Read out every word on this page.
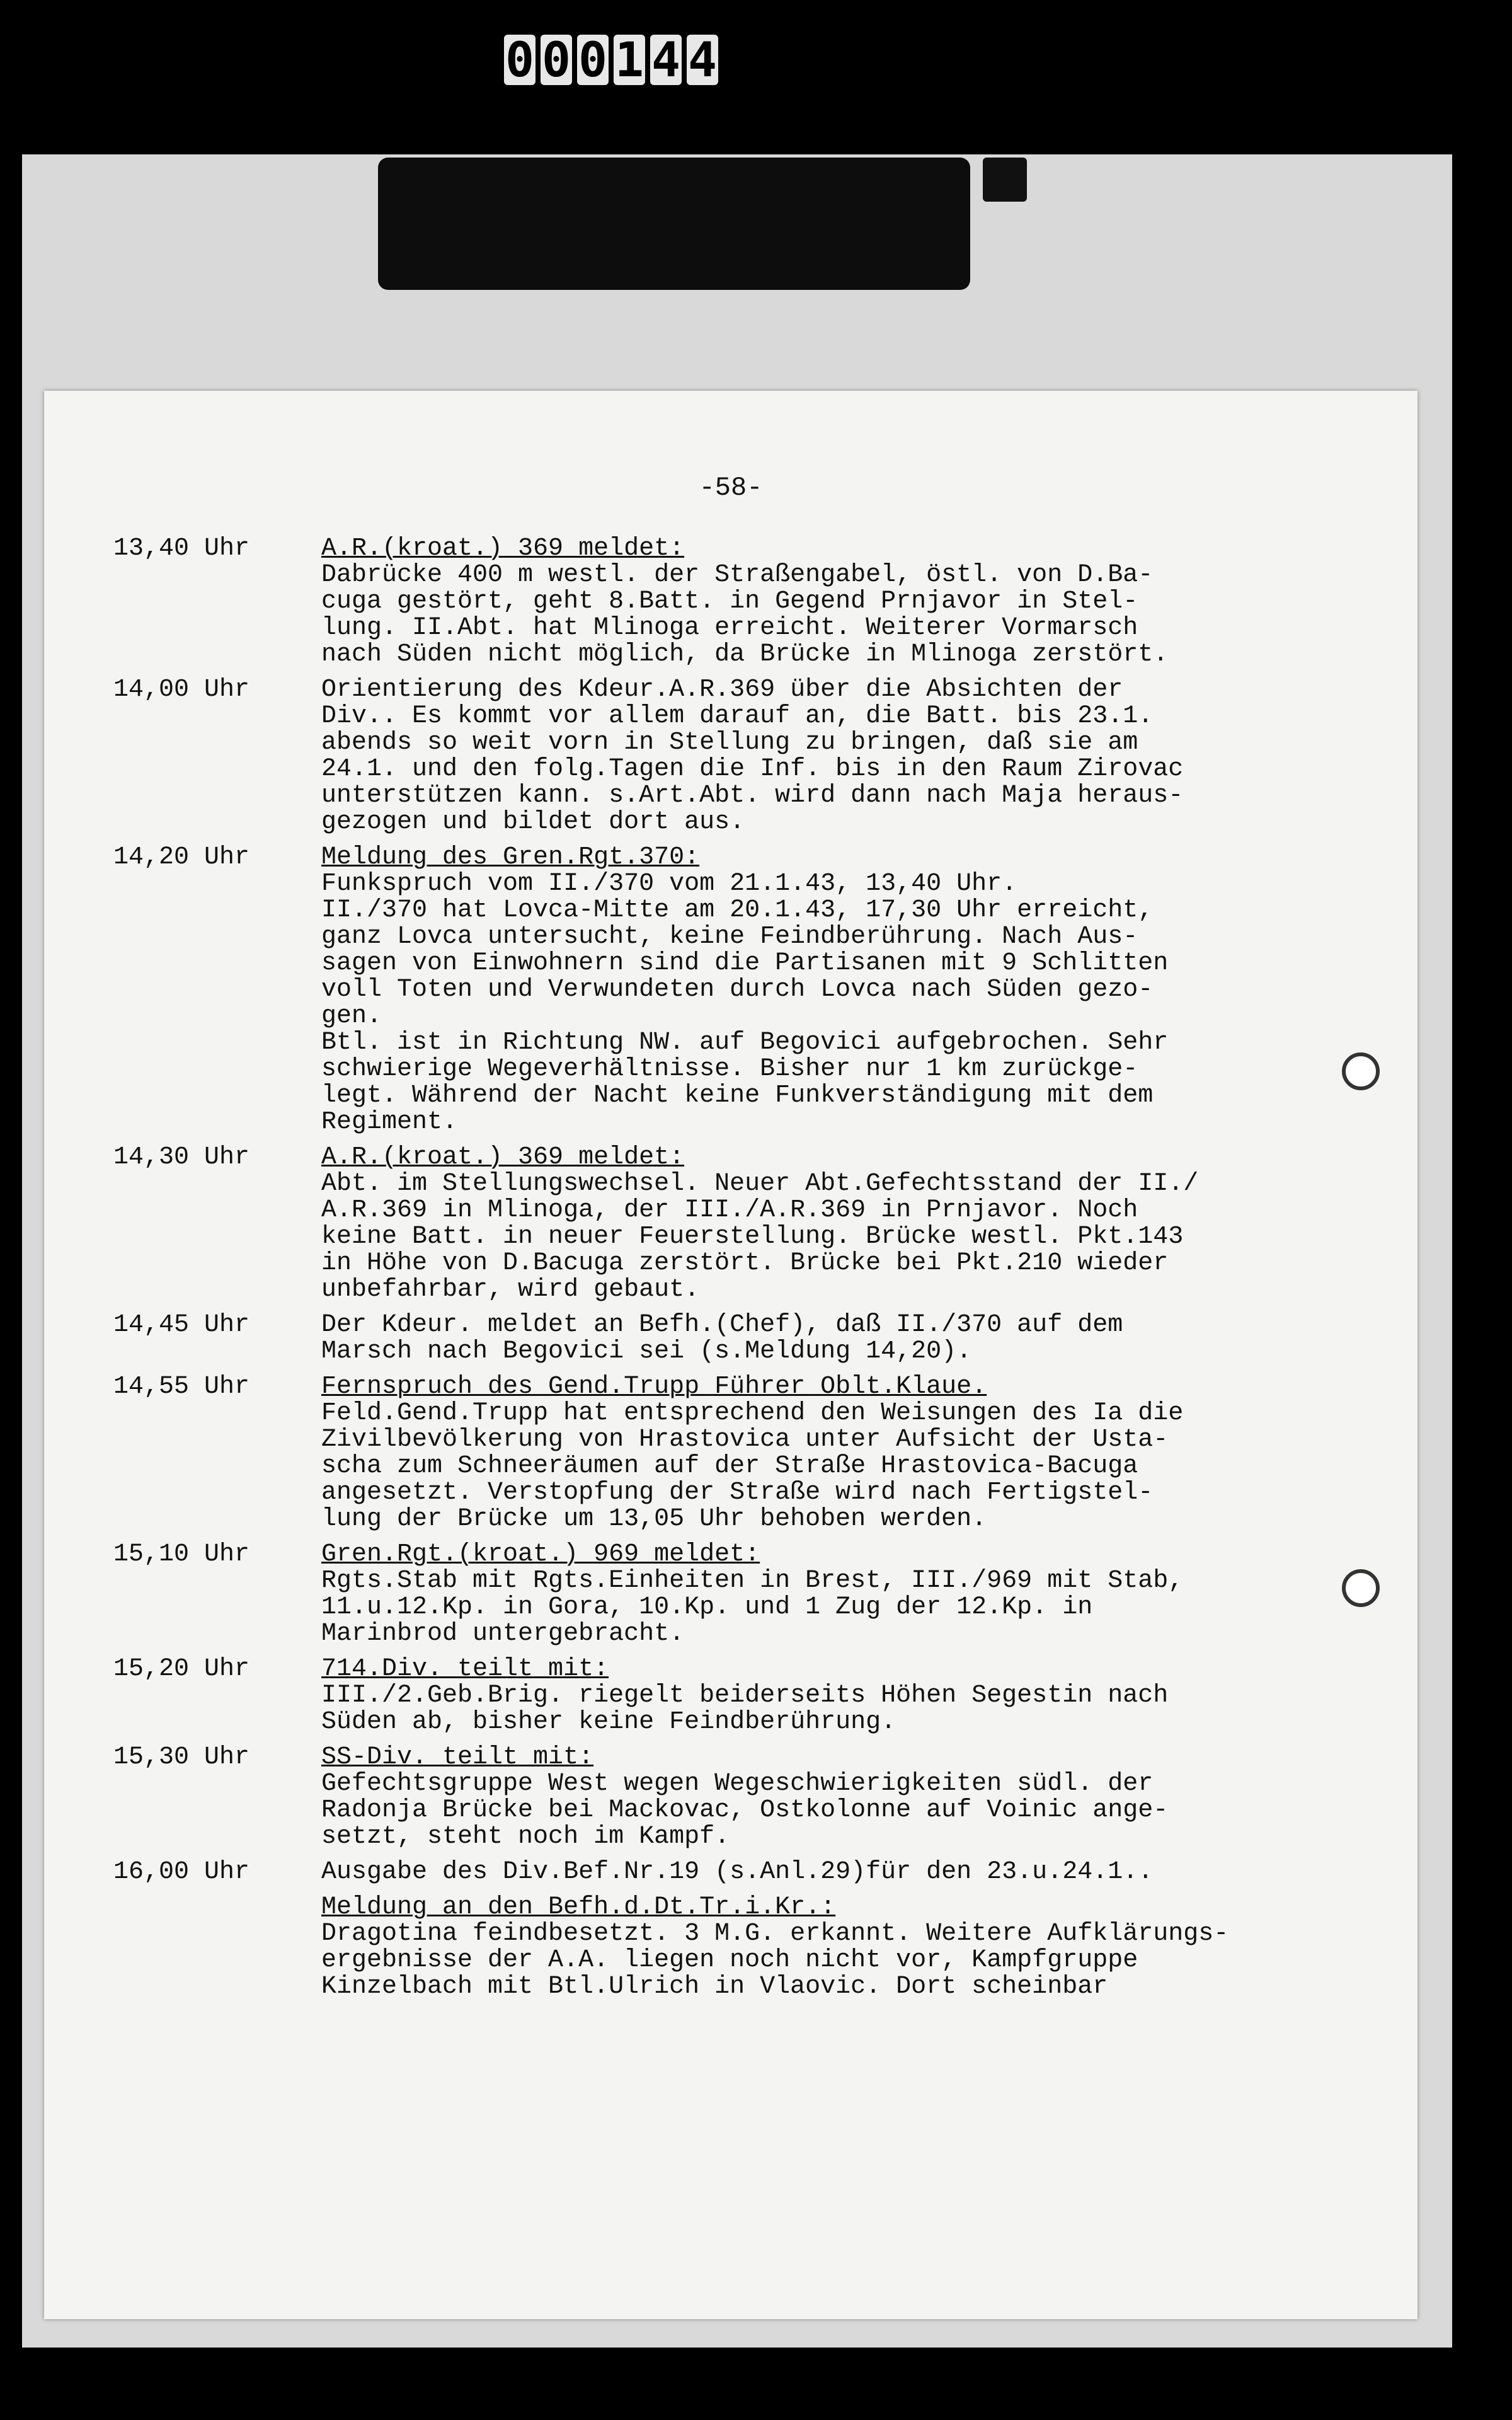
0 0 0 1 4 4
-58-
13,40 Uhr	A.R.(kroat.) 369 meldet:
Dabrücke 400 m westl. der Straßengabel, östl. von D.Ba-
cuga gestört, geht 8.Batt. in Gegend Prnjavor in Stel-
lung. II.Abt. hat Mlinoga erreicht. Weiterer Vormarsch
nach Süden nicht möglich, da Brücke in Mlinoga zerstört.
14,00 Uhr	Orientierung des Kdeur.A.R.369 über die Absichten der
Div.. Es kommt vor allem darauf an, die Batt. bis 23.1.
abends so weit vorn in Stellung zu bringen, daß sie am
24.1. und den folg.Tagen die Inf. bis in den Raum Zirovac
unterstützen kann. s.Art.Abt. wird dann nach Maja heraus-
gezogen und bildet dort aus.
14,20 Uhr	Meldung des Gren.Rgt.370:
Funkspruch vom II./370 vom 21.1.43, 13,40 Uhr.
II./370 hat Lovca-Mitte am 20.1.43, 17,30 Uhr erreicht,
ganz Lovca untersucht, keine Feindberührung. Nach Aus-
sagen von Einwohnern sind die Partisanen mit 9 Schlitten
voll Toten und Verwundeten durch Lovca nach Süden gezo-
gen.
Btl. ist in Richtung NW. auf Begovici aufgebrochen. Sehr
schwierige Wegeverhältnisse. Bisher nur 1 km zurückge-
legt. Während der Nacht keine Funkverständigung mit dem
Regiment.
14,30 Uhr	A.R.(kroat.) 369 meldet:
Abt. im Stellungswechsel. Neuer Abt.Gefechtsstand der II./
A.R.369 in Mlinoga, der III./A.R.369 in Prnjavor. Noch
keine Batt. in neuer Feuerstellung. Brücke westl. Pkt.143
in Höhe von D.Bacuga zerstört. Brücke bei Pkt.210 wieder
unbefahrbar, wird gebaut.
14,45 Uhr	Der Kdeur. meldet an Befh.(Chef), daß II./370 auf dem
Marsch nach Begovici sei (s.Meldung 14,20).
14,55 Uhr	Fernspruch des Gend.Trupp Führer Oblt.Klaue.
Feld.Gend.Trupp hat entsprechend den Weisungen des Ia die
Zivilbevölkerung von Hrastovica unter Aufsicht der Usta-
scha zum Schneeräumen auf der Straße Hrastovica-Bacuga
angesetzt. Verstopfung der Straße wird nach Fertigstel-
lung der Brücke um 13,05 Uhr behoben werden.
15,10 Uhr	Gren.Rgt.(kroat.) 969 meldet:
Rgts.Stab mit Rgts.Einheiten in Brest, III./969 mit Stab,
11.u.12.Kp. in Gora, 10.Kp. und 1 Zug der 12.Kp. in
Marinbrod untergebracht.
15,20 Uhr	714.Div. teilt mit:
III./2.Geb.Brig. riegelt beiderseits Höhen Segestin nach
Süden ab, bisher keine Feindberührung.
15,30 Uhr	SS-Div. teilt mit:
Gefechtsgruppe West wegen Wegeschwierigkeiten südl. der
Radonja Brücke bei Mackovac, Ostkolonne auf Voinic ange-
setzt, steht noch im Kampf.
16,00 Uhr	Ausgabe des Div.Bef.Nr.19 (s.Anl.29)für den 23.u.24.1..
Meldung an den Befh.d.Dt.Tr.i.Kr.:
Dragotina feindbesetzt. 3 M.G. erkannt. Weitere Aufklärungs-
ergebnisse der A.A. liegen noch nicht vor, Kampfgruppe
Kinzelbach mit Btl.Ulrich in Vlaovic. Dort scheinbar
